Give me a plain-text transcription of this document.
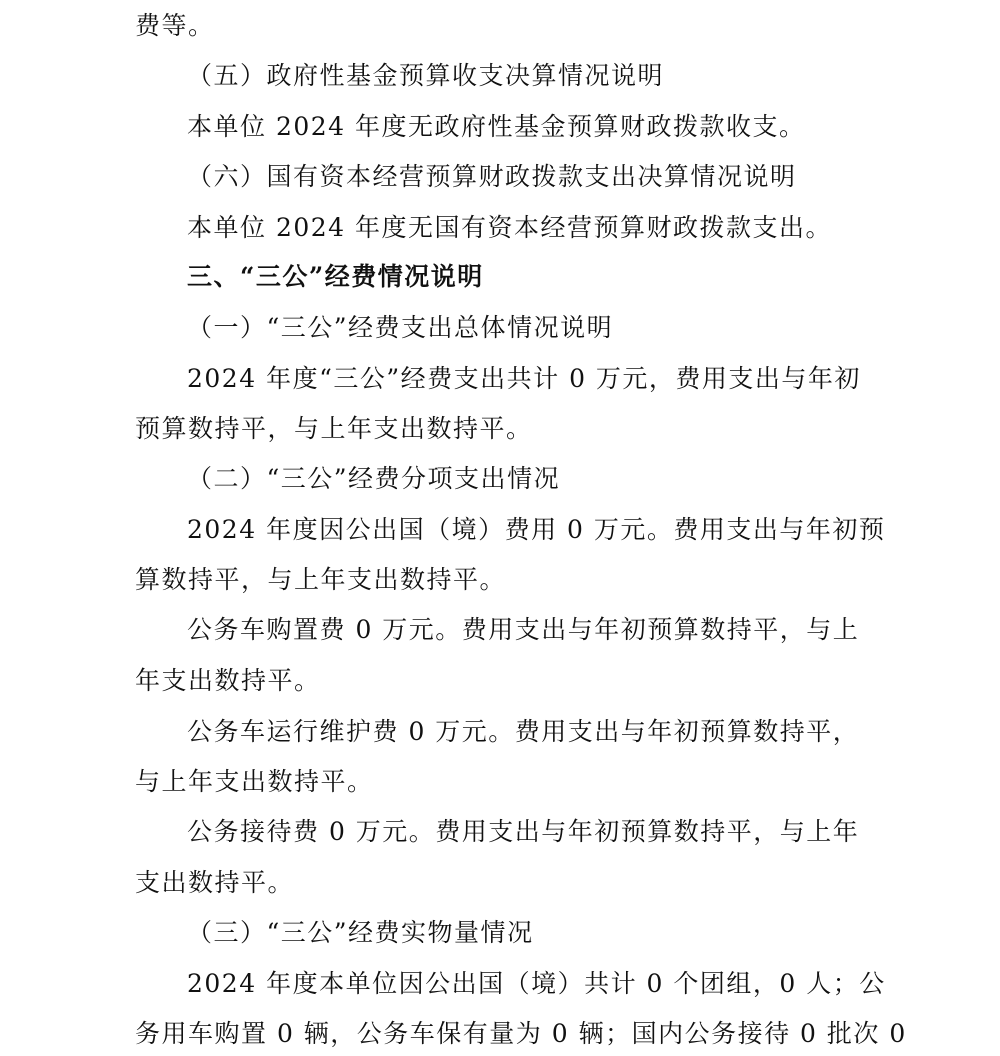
费等。
（五）政府性基金预算收支决算情况说明
本单位 2024 年度无政府性基金预算财政拨款收支。
（六）国有资本经营预算财政拨款支出决算情况说明
本单位 2024 年度无国有资本经营预算财政拨款支出。
三、“三公”经费情况说明
（一）“三公”经费支出总体情况说明
2024 年度“三公”经费支出共计 0 万元，费用支出与年初
预算数持平，与上年支出数持平。
（二）“三公”经费分项支出情况
2024 年度因公出国（境）费用 0 万元。费用支出与年初预
算数持平，与上年支出数持平。
公务车购置费 0 万元。费用支出与年初预算数持平，与上
年支出数持平。
公务车运行维护费 0 万元。费用支出与年初预算数持平，
与上年支出数持平。
公务接待费 0 万元。费用支出与年初预算数持平，与上年
支出数持平。
（三）“三公”经费实物量情况
2024 年度本单位因公出国（境）共计 0 个团组，0 人；公
务用车购置 0 辆，公务车保有量为 0 辆；国内公务接待 0 批次 0
